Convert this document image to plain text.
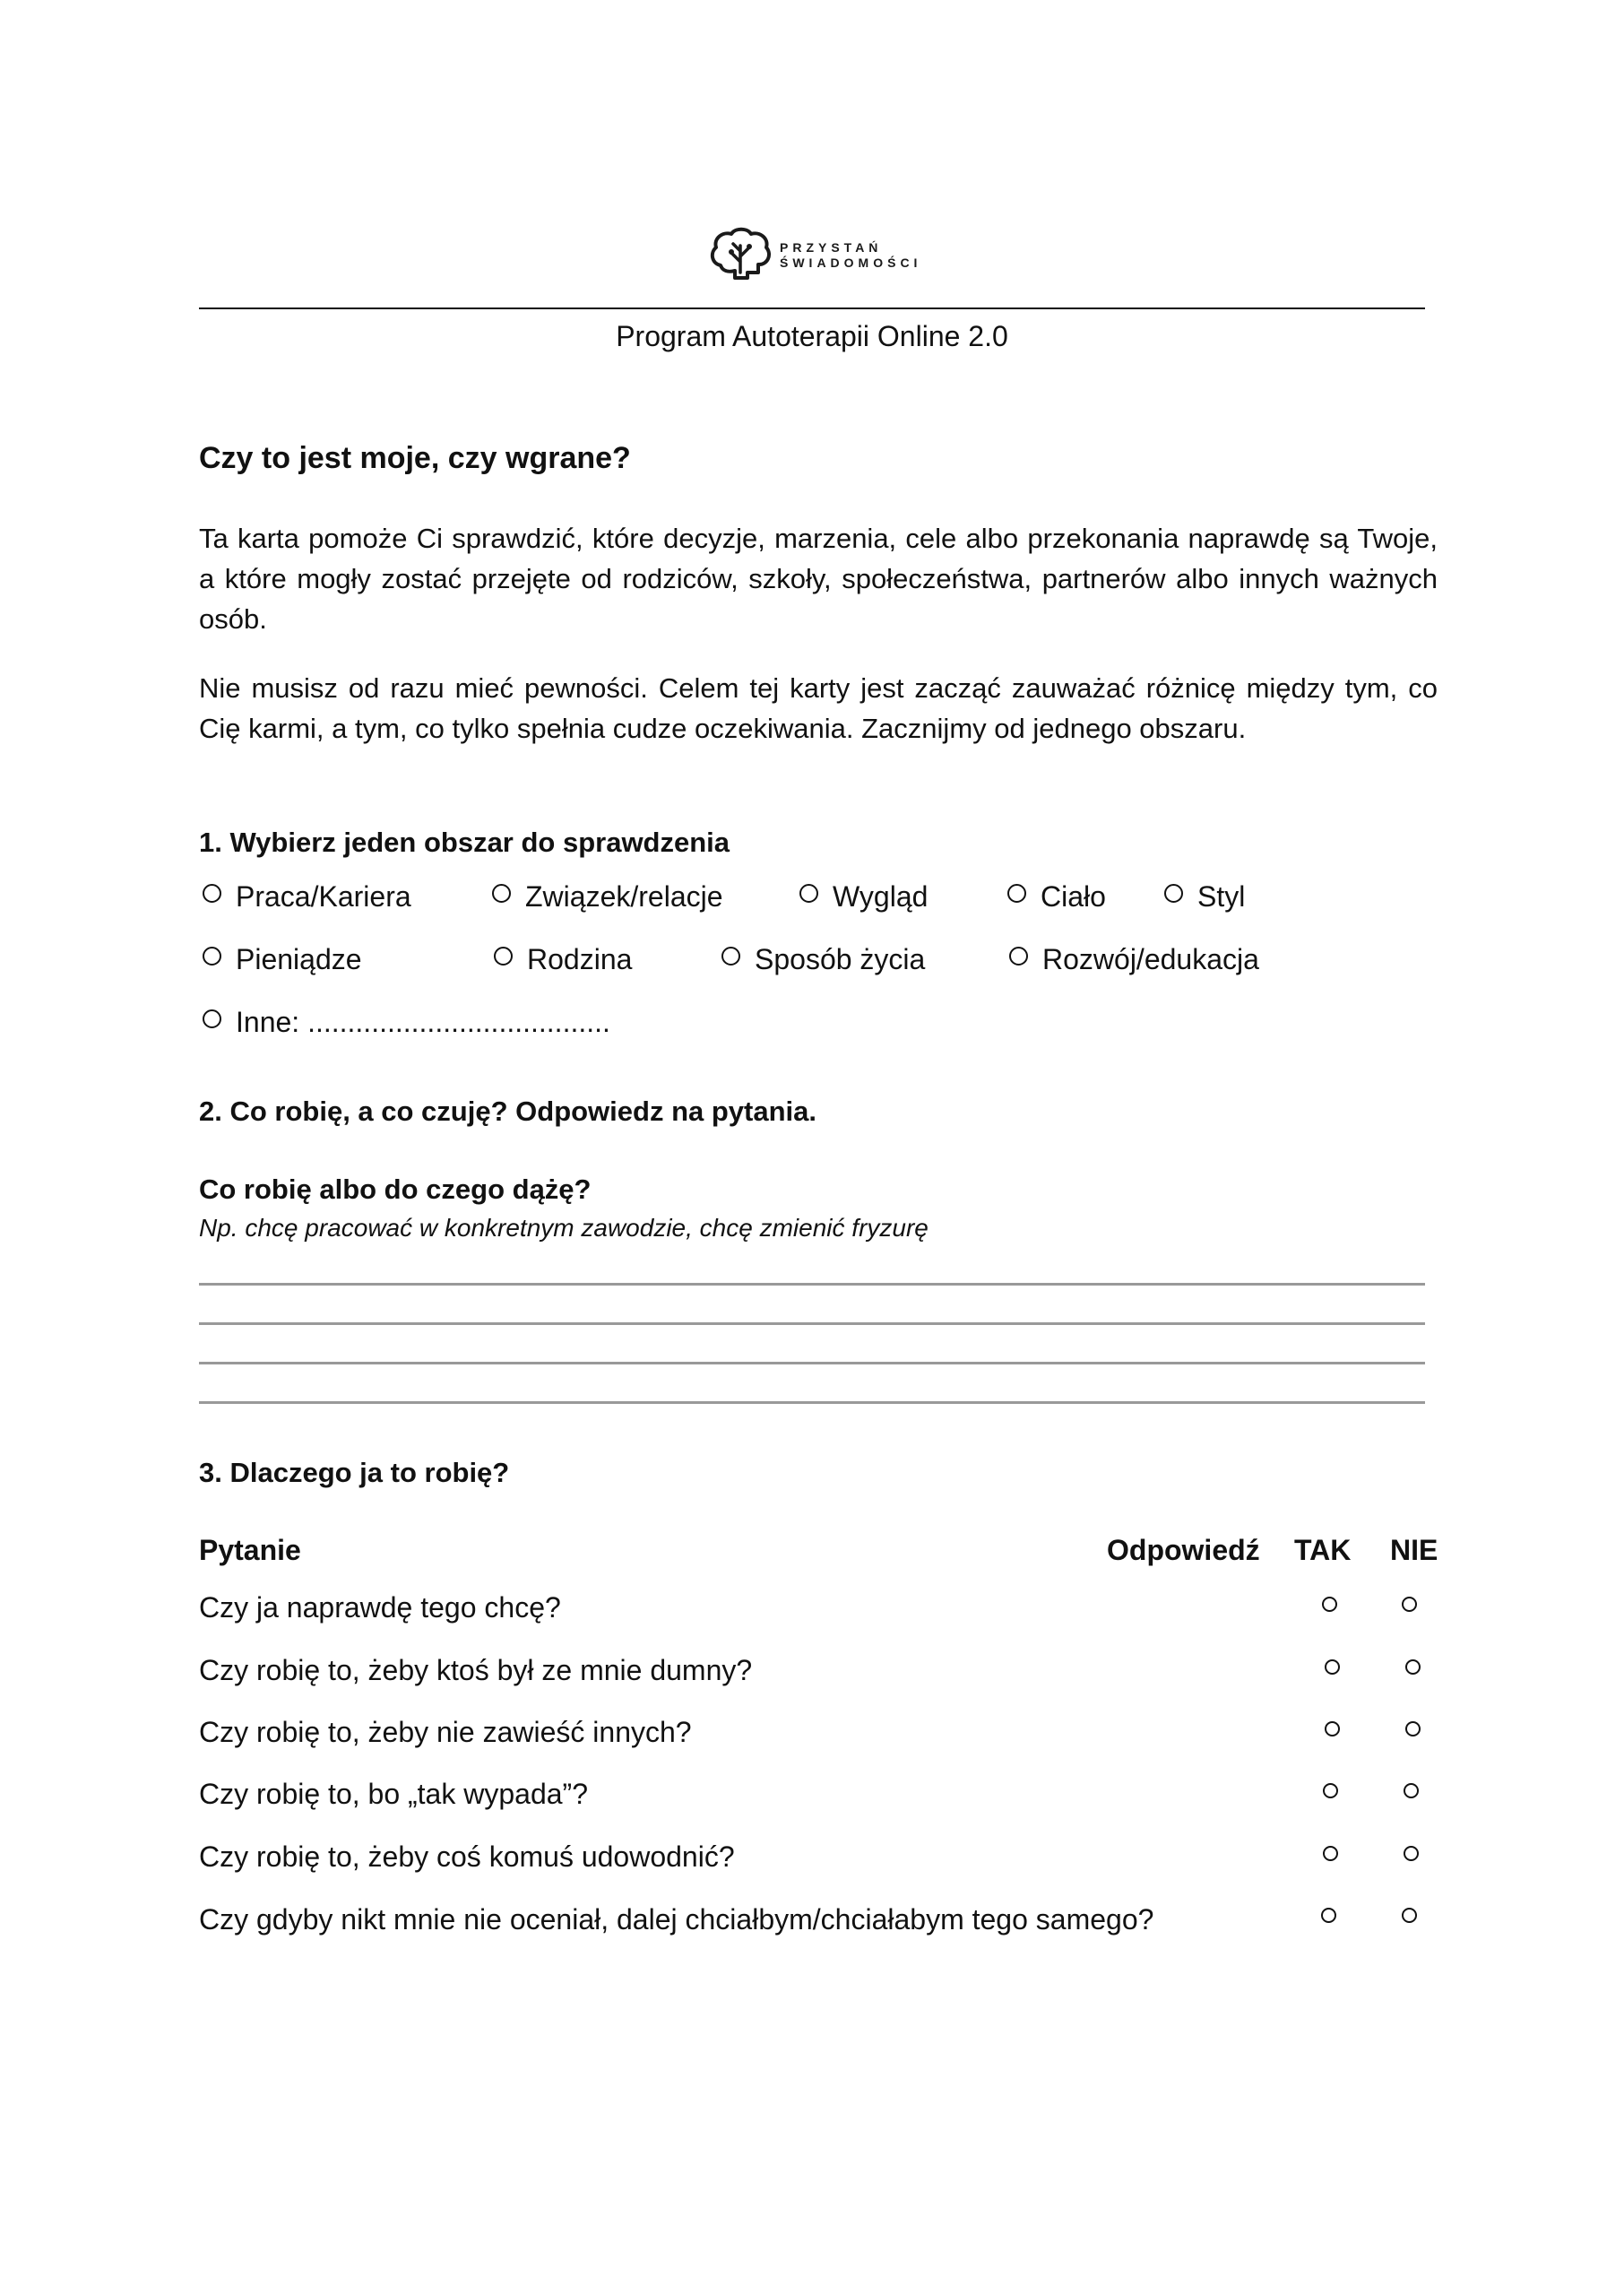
PRZYSTAŃ
ŚWIADOMOŚCI
Program Autoterapii Online 2.0
Czy to jest moje, czy wgrane?
Ta karta pomoże Ci sprawdzić, które decyzje, marzenia, cele albo przekonania naprawdę są Twoje, a które mogły zostać przejęte od rodziców, szkoły, społeczeństwa, partnerów albo innych ważnych osób.
Nie musisz od razu mieć pewności. Celem tej karty jest zacząć zauważać różnicę między tym, co Cię karmi, a tym, co tylko spełnia cudze oczekiwania. Zacznijmy od jednego obszaru.
1. Wybierz jeden obszar do sprawdzenia
Praca/Kariera	Związek/relacje	Wygląd	Ciało	Styl
Pieniądze	Rodzina	Sposób życia	Rozwój/edukacja
Inne: ......................................
2. Co robię, a co czuję? Odpowiedz na pytania.
Co robię albo do czego dążę?
Np. chcę pracować w konkretnym zawodzie, chcę zmienić fryzurę
3. Dlaczego ja to robię?
Pytanie	Odpowiedź TAK NIE
Czy ja naprawdę tego chcę?
Czy robię to, żeby ktoś był ze mnie dumny?
Czy robię to, żeby nie zawieść innych?
Czy robię to, bo „tak wypada”?
Czy robię to, żeby coś komuś udowodnić?
Czy gdyby nikt mnie nie oceniał, dalej chciałbym/chciałabym tego samego?
